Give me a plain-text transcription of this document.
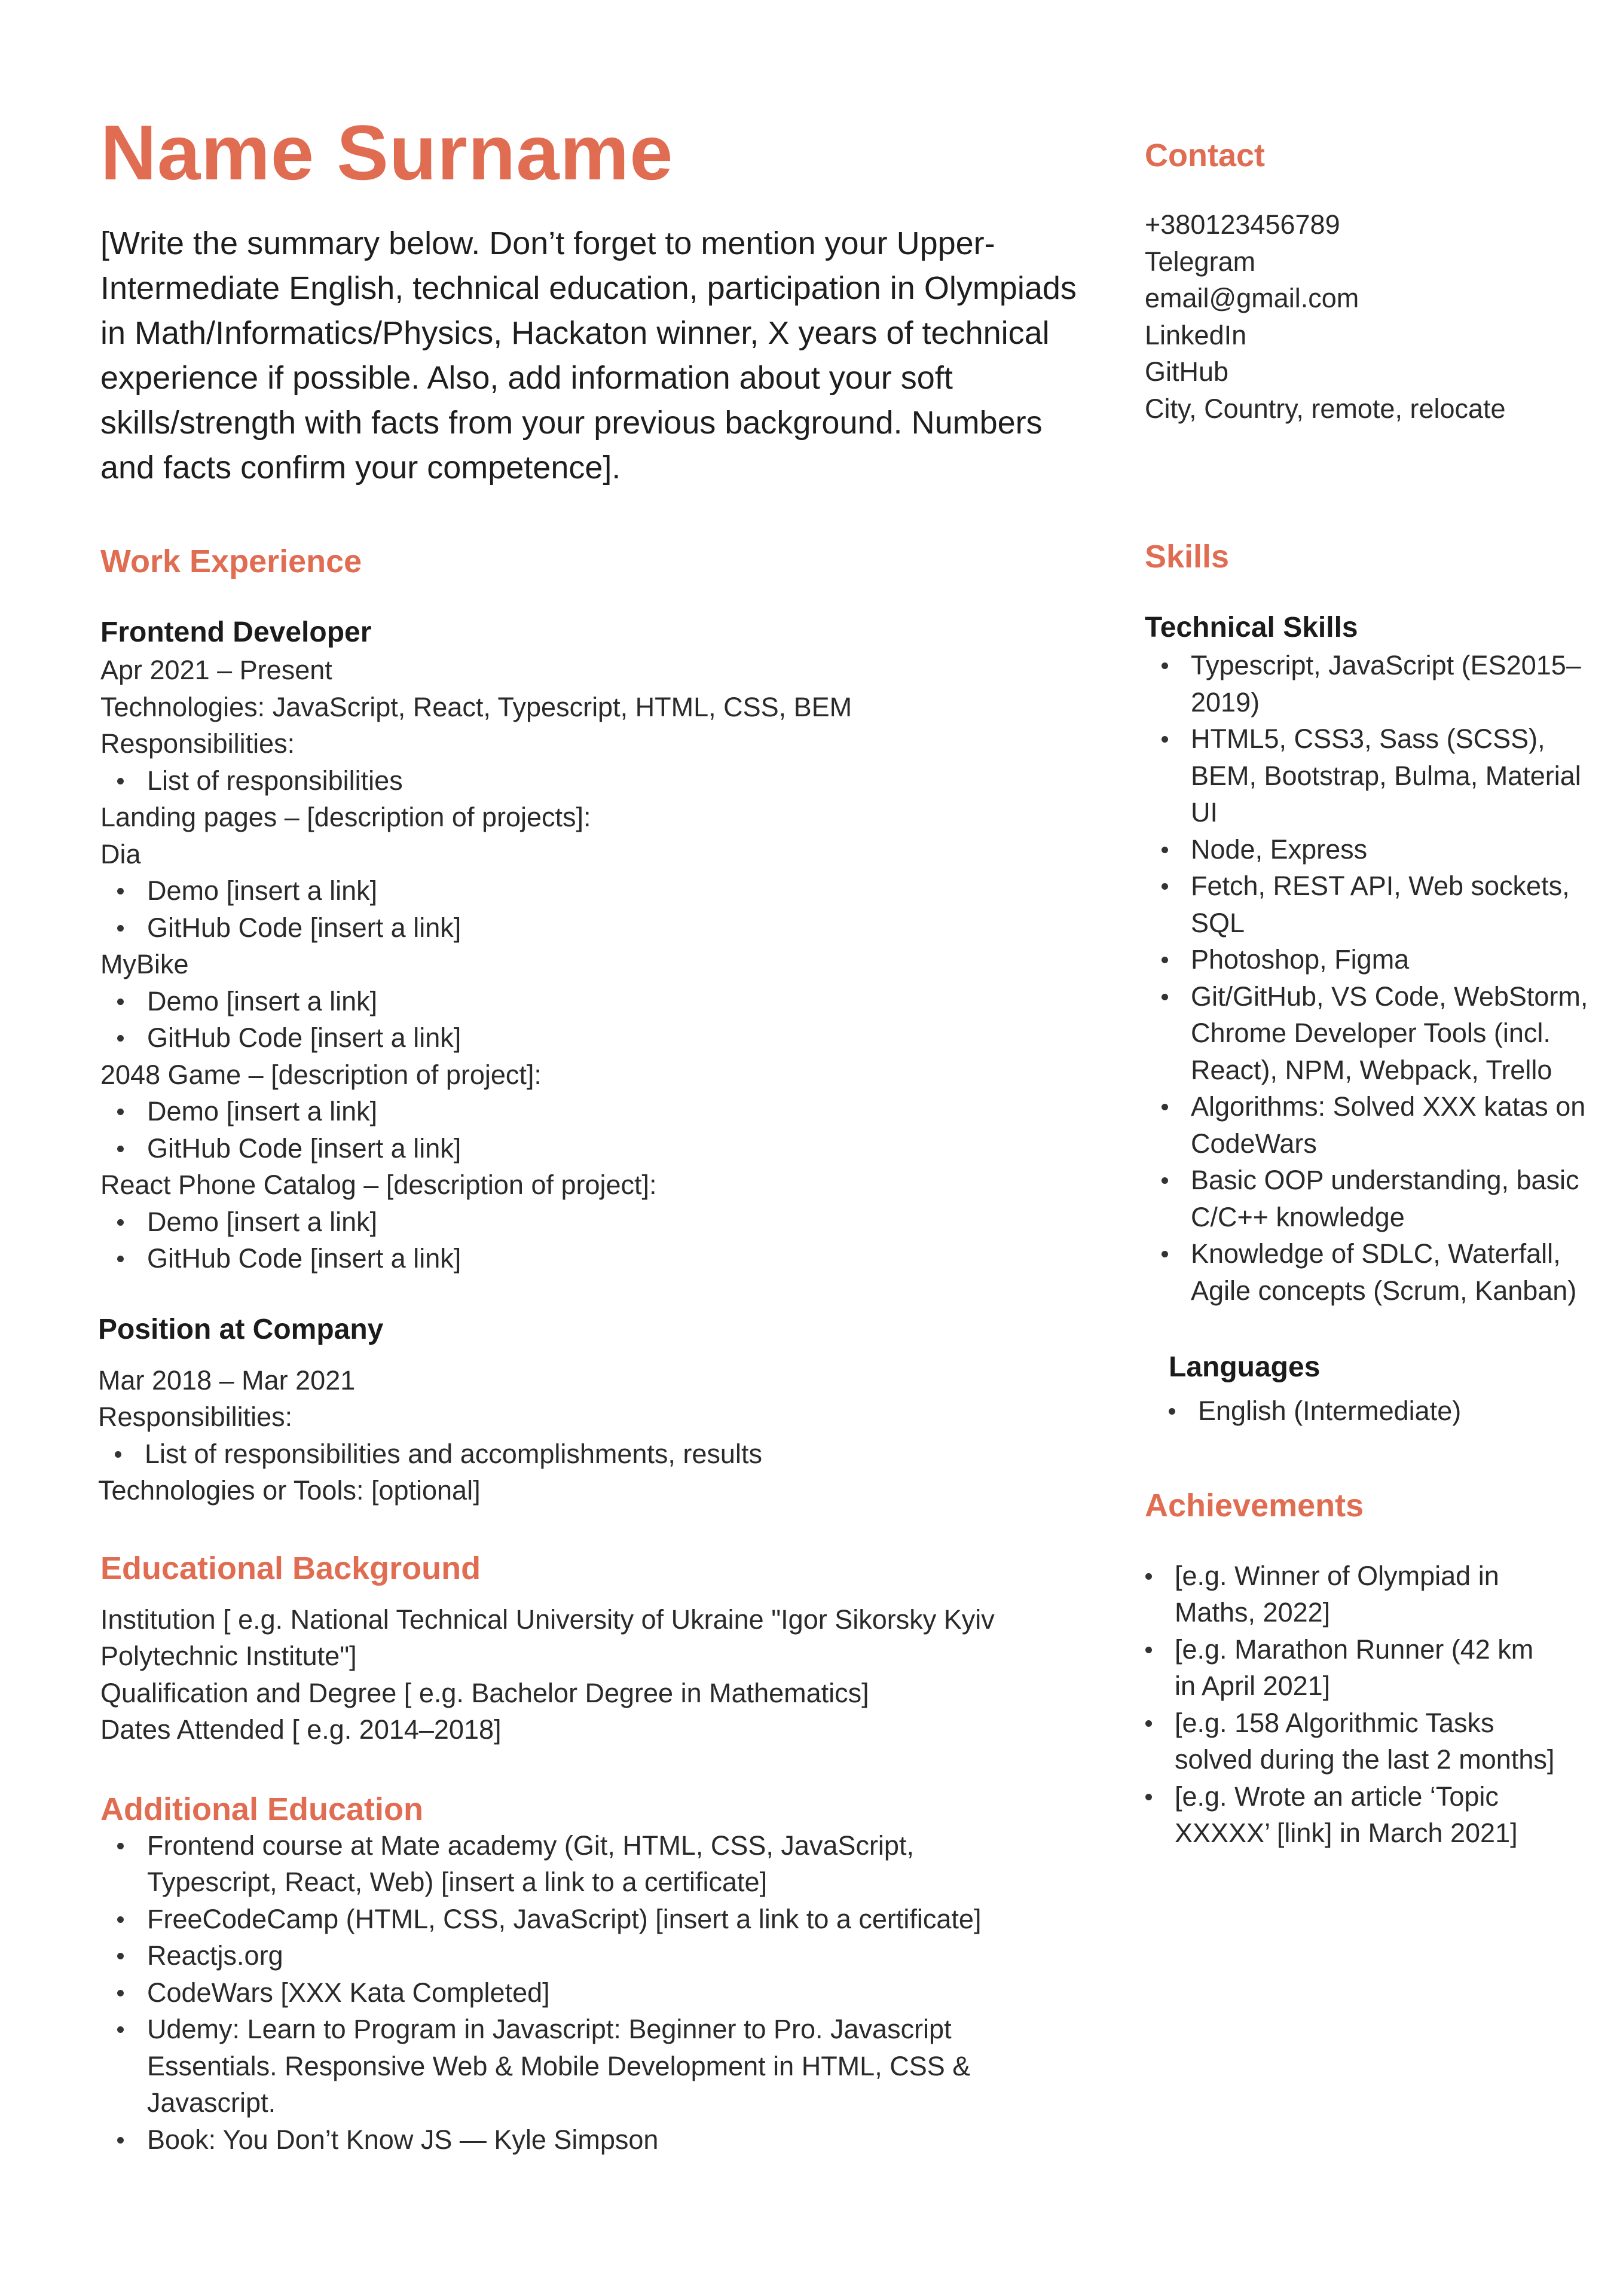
Name Surname

[Write the summary below. Don’t forget to mention your Upper-Intermediate English, technical education, participation in Olympiads in Math/Informatics/Physics, Hackaton winner, X years of technical experience if possible. Also, add information about your soft skills/strength with facts from your previous background. Numbers and facts confirm your competence].

Work Experience

Frontend Developer

Apr 2021 – Present

Technologies: JavaScript, React, Typescript, HTML, CSS, BEM

Responsibilities:

List of responsibilities

Landing pages – [description of projects]:

Dia

Demo [insert a link]
GitHub Code [insert a link]

MyBike

Demo [insert a link]
GitHub Code [insert a link]

2048 Game – [description of project]:

Demo [insert a link]
GitHub Code [insert a link]

React Phone Catalog – [description of project]:

Demo [insert a link]
GitHub Code [insert a link]

Position at Company

Mar 2018 – Mar 2021

Responsibilities:

List of responsibilities and accomplishments, results

Technologies or Tools: [optional]

Educational Background

Institution [ e.g. National Technical University of Ukraine "Igor Sikorsky Kyiv

Polytechnic Institute"]

Qualification and Degree [ e.g. Bachelor Degree in Mathematics]

Dates Attended [ e.g. 2014–2018]

Additional Education
Frontend course at Mate academy (Git, HTML, CSS, JavaScript, Typescript, React, Web) [insert a link to a certificate]
FreeCodeCamp (HTML, CSS, JavaScript) [insert a link to a certificate]
Reactjs.org
CodeWars [XXX Kata Completed]
Udemy: Learn to Program in Javascript: Beginner to Pro. Javascript Essentials. Responsive Web & Mobile Development in HTML, CSS & Javascript.
Book: You Don’t Know JS — Kyle Simpson
Contact

+380123456789

Telegram

email@gmail.com

LinkedIn

GitHub

City, Country, remote, relocate

Skills

Technical Skills

Typescript, JavaScript (ES2015–2019)
HTML5, CSS3, Sass (SCSS), BEM, Bootstrap, Bulma, Material UI
Node, Express
Fetch, REST API, Web sockets, SQL
Photoshop, Figma
Git/GitHub, VS Code, WebStorm, Chrome Developer Tools (incl. React), NPM, Webpack, Trello
Algorithms: Solved XXX katas on CodeWars
Basic OOP understanding, basic C/C++ knowledge
Knowledge of SDLC, Waterfall, Agile concepts (Scrum, Kanban)

Languages

English (Intermediate)
Achievements
[e.g. Winner of Olympiad in Maths, 2022]
[e.g. Marathon Runner (42 km in April 2021]
[e.g. 158 Algorithmic Tasks solved during the last 2 months]
[e.g. Wrote an article ‘Topic XXXXX’ [link] in March 2021]
